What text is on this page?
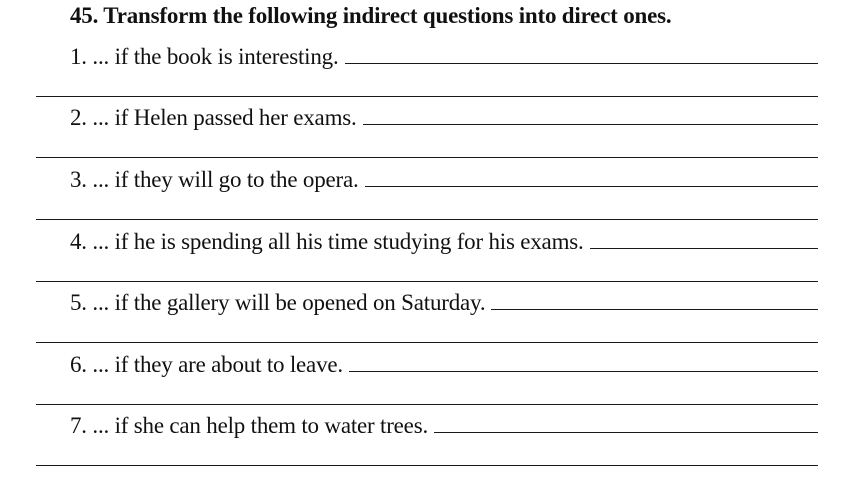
45. Transform the following indirect questions into direct ones.
1. ... if the book is interesting.
2. ... if Helen passed her exams.
3. ... if they will go to the opera.
4. ... if he is spending all his time studying for his exams.
5. ... if the gallery will be opened on Saturday.
6. ... if they are about to leave.
7. ... if she can help them to water trees.
